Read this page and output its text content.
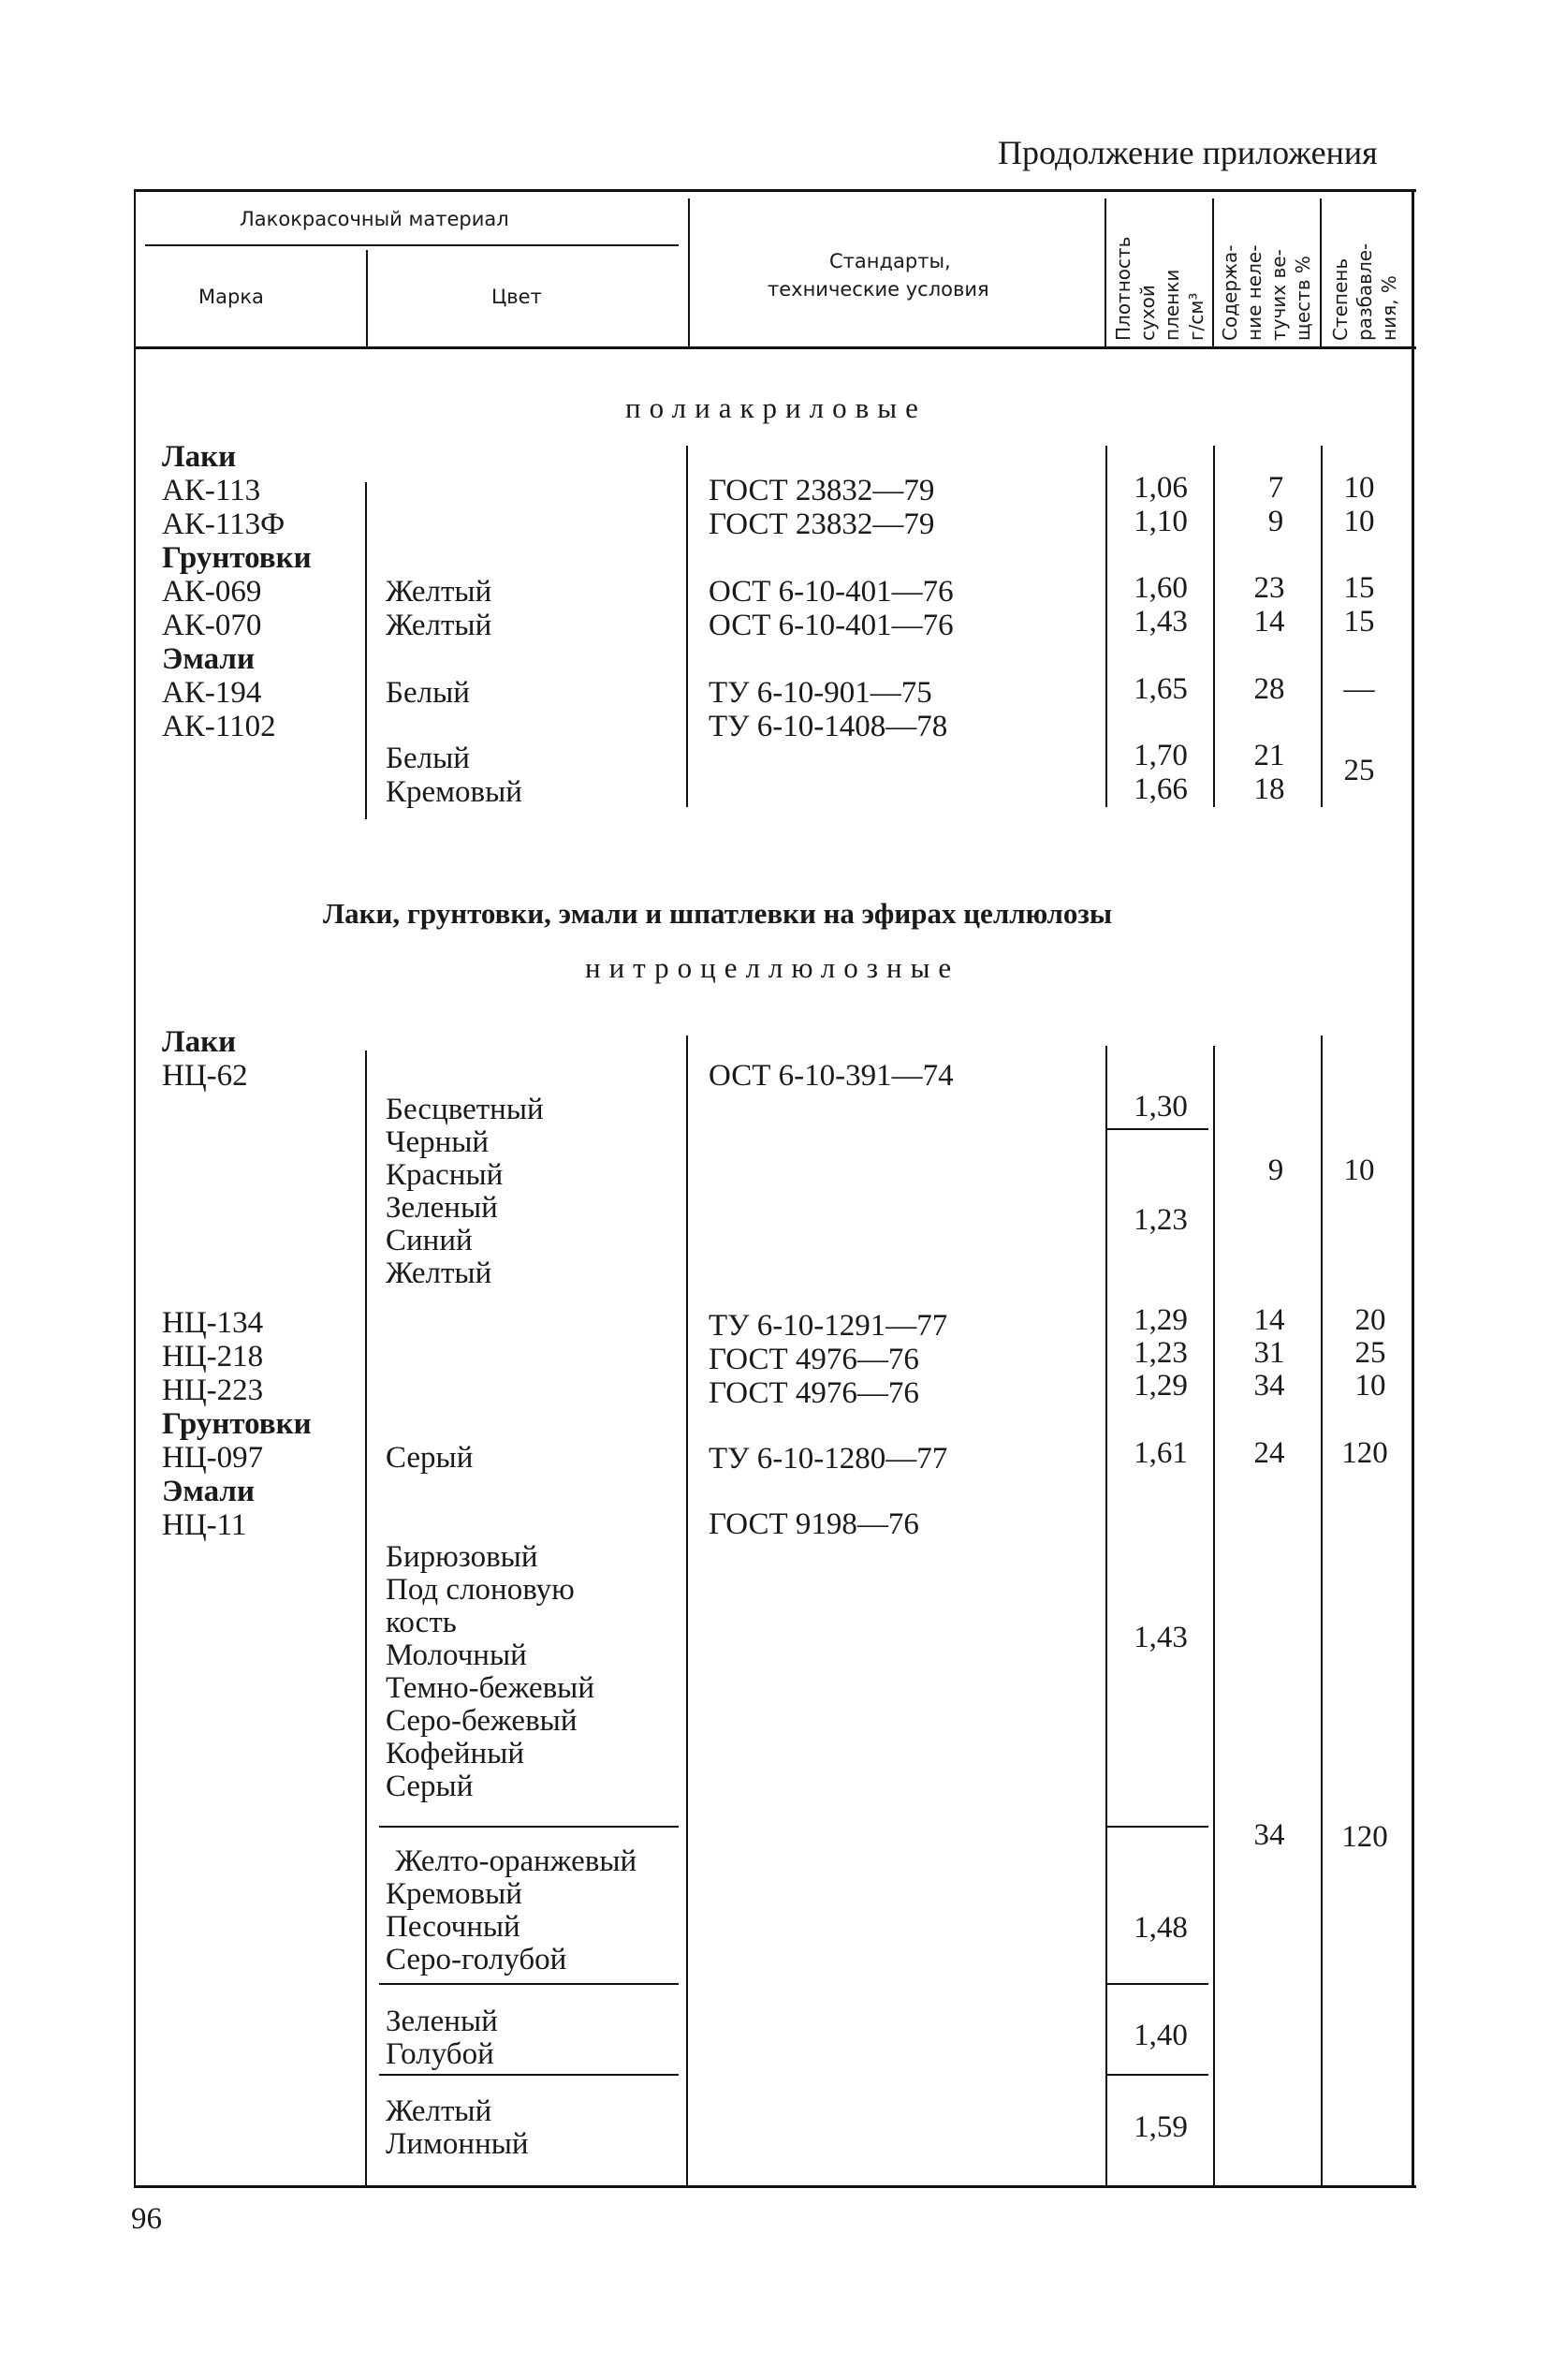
Продолжение приложения
Лакокрасочный материал
Марка	Цвет
Стандарты,
технические условия	Плотность сухой пленки г/см³ Содержа- ние неле- тучих ве- ществ % Степень разбавле- ния, %
полиакриловые
Лаки
АК-113
АК-113Ф
Грунтовки
АК-069
АК-070
Эмали
АК-194
АК-1102
Желтый
Желтый
Белый
Белый
Кремовый
ГОСТ 23832—79
ГОСТ 23832—79
ОСТ 6-10-401—76
ОСТ 6-10-401—76
ТУ 6-10-901—75
ТУ 6-10-1408—78
1,06
1,10
1,60
1,43
1,65
1,70
1,66
7
9
23
14
28
21
18
10
10
15
15
—
25
Лаки, грунтовки, эмали и шпатлевки на эфирах целлюлозы
нитроцеллюлозные
Лаки
НЦ-62
НЦ-134
НЦ-218
НЦ-223
Грунтовки
НЦ-097
Эмали
НЦ-11
Бесцветный
Черный
Красный
Зеленый
Синий
Желтый
Серый
Бирюзовый
Под слоновую
кость
Молочный
Темно-бежевый
Серо-бежевый
Кофейный
Серый
Желто-оранжевый
Кремовый
Песочный
Серо-голубой
Зеленый
Голубой
Желтый
Лимонный
ОСТ 6-10-391—74
ТУ 6-10-1291—77
ГОСТ 4976—76
ГОСТ 4976—76
ТУ 6-10-1280—77
ГОСТ 9198—76
1,30
1,23
1,29
1,23
1,29
1,61
1,43
1,48
1,40
1,59
9
14
31
34
24
34
10
20
25
10
120
120
96
